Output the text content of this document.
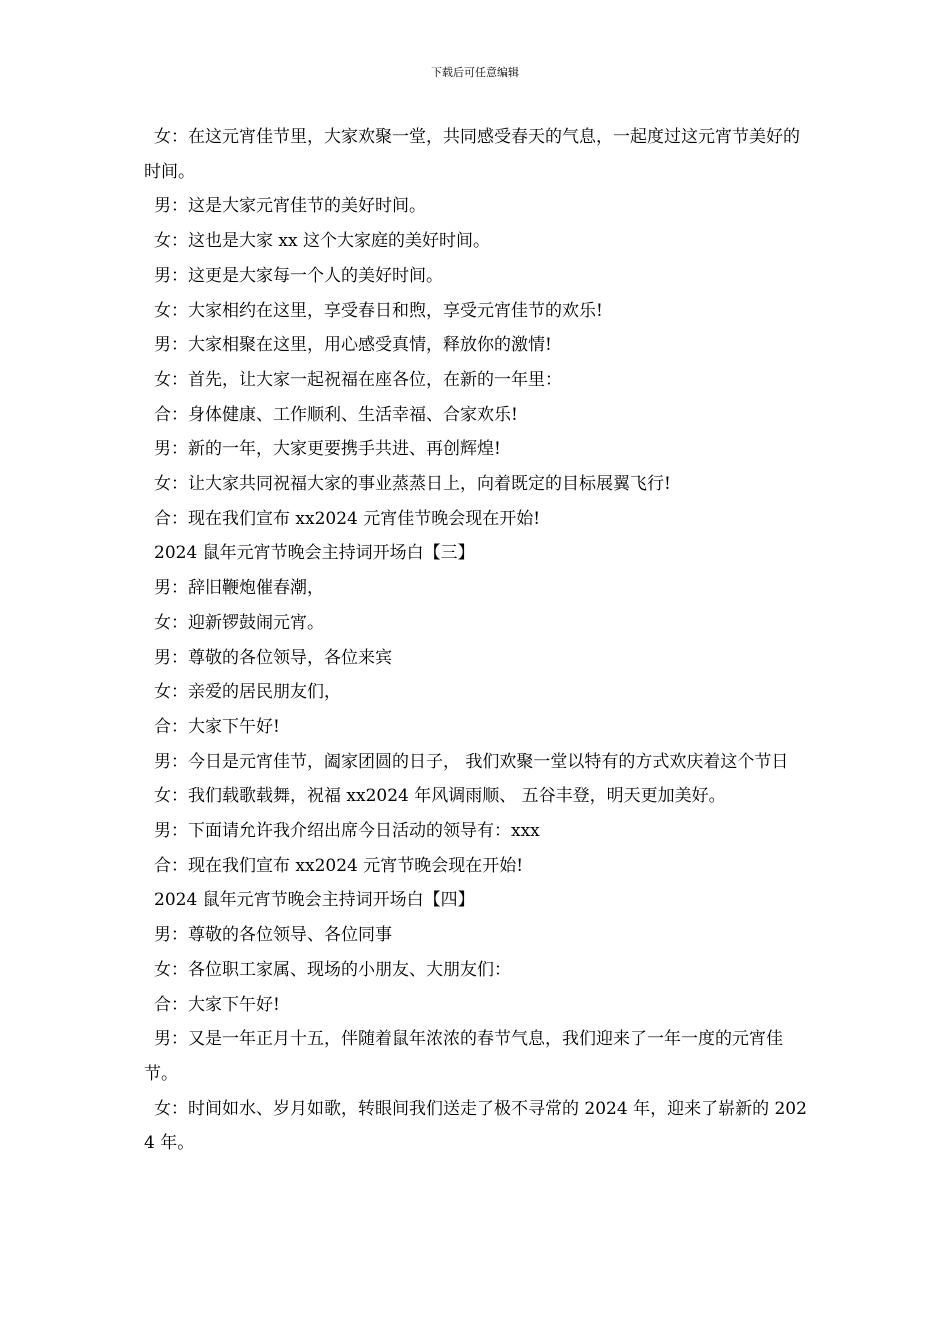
下载后可任意编辑

女：在这元宵佳节里，大家欢聚一堂，共同感受春天的气息，一起度过这元宵节美好的时间。

男：这是大家元宵佳节的美好时间。

女：这也是大家 xx 这个大家庭的美好时间。

男：这更是大家每一个人的美好时间。

女：大家相约在这里，享受春日和煦，享受元宵佳节的欢乐!

男：大家相聚在这里，用心感受真情，释放你的激情!

女：首先，让大家一起祝福在座各位，在新的一年里：

合：身体健康、工作顺利、生活幸福、合家欢乐!

男：新的一年，大家更要携手共进、再创辉煌!

女：让大家共同祝福大家的事业蒸蒸日上，向着既定的目标展翼飞行!

合：现在我们宣布 xx2024 元宵佳节晚会现在开始!

2024 鼠年元宵节晚会主持词开场白【三】

男：辞旧鞭炮催春潮，

女：迎新锣鼓闹元宵。

男：尊敬的各位领导，各位来宾

女：亲爱的居民朋友们，

合：大家下午好!

男：今日是元宵佳节，阖家团圆的日子， 我们欢聚一堂以特有的方式欢庆着这个节日

女：我们载歌载舞，祝福 xx2024 年风调雨顺、 五谷丰登，明天更加美好。

男：下面请允许我介绍出席今日活动的领导有：xxx

合：现在我们宣布 xx2024 元宵节晚会现在开始!

2024 鼠年元宵节晚会主持词开场白【四】

男：尊敬的各位领导、各位同事

女：各位职工家属、现场的小朋友、大朋友们：

合：大家下午好!

男：又是一年正月十五，伴随着鼠年浓浓的春节气息，我们迎来了一年一度的元宵佳节。

女：时间如水、岁月如歌，转眼间我们送走了极不寻常的 2024 年，迎来了崭新的 2024 年。
